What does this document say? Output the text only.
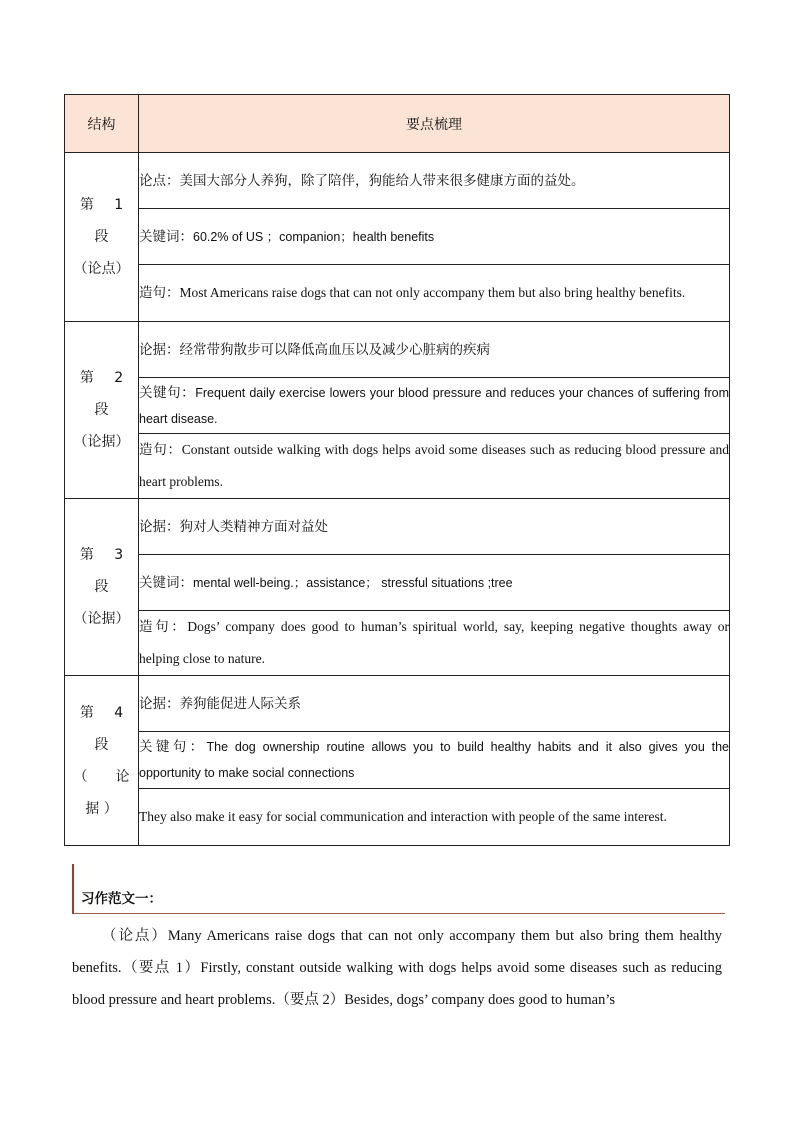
结构	要点梳理

第 1 段
（论点）	论点：美国大部分人养狗，除了陪伴，狗能给人带来很多健康方面的益处。
	关键词：60.2% of US ；companion；health benefits
	造句：Most Americans raise dogs that can not only accompany them but also bring healthy benefits.

第 2 段
（论据）	论据：经常带狗散步可以降低高血压以及减少心脏病的疾病
	关键句：Frequent daily exercise lowers your blood pressure and reduces your chances of suffering from heart disease.
	造句：Constant outside walking with dogs helps avoid some diseases such as reducing blood pressure and heart problems.

第 3 段
（论据）	论据：狗对人类精神方面对益处
	关键词：mental well-being.；assistance； stressful situations ;tree
	造句：Dogs’ company does good to human’s spiritual world, say, keeping negative thoughts away or helping close to nature.

第 4 段
（　　论
据 ）	论据：养狗能促进人际关系
	关键句：The dog ownership routine allows you to build healthy habits and it also gives you the opportunity to make social connections
	They also make it easy for social communication and interaction with people of the same interest.
习作范文一：

（论点）Many Americans raise dogs that can not only accompany them but also bring them healthy benefits.（要点 1）Firstly, constant outside walking with dogs helps avoid some diseases such as reducing blood pressure and heart problems.（要点 2）Besides, dogs’ company does good to human’s
